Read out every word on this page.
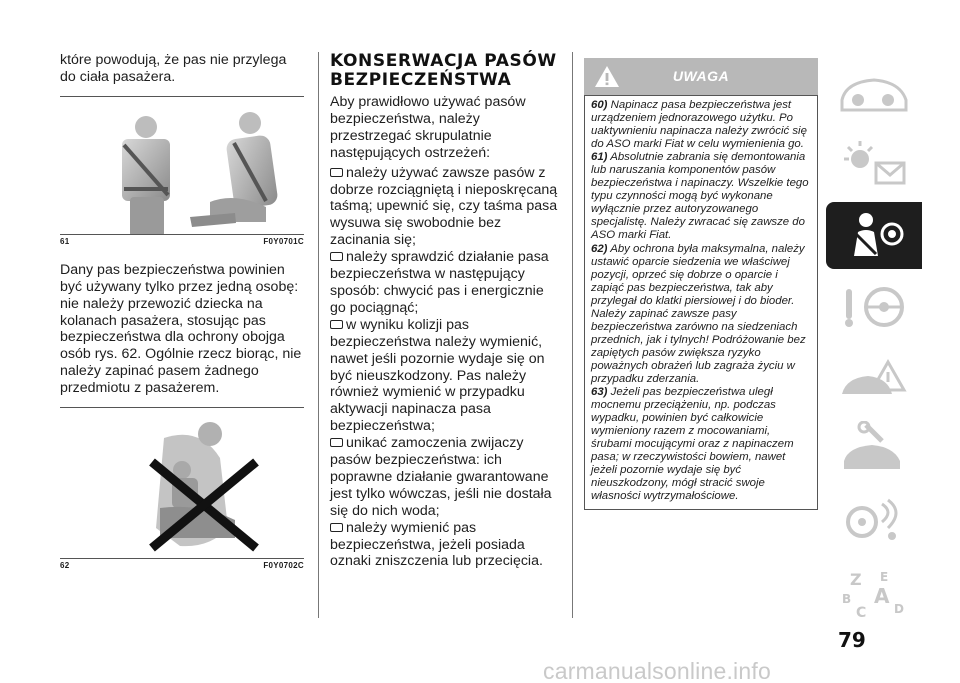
które powodują, że pas nie przylega do ciała pasażera.

61	F0Y0701C

Dany pas bezpieczeństwa powinien być używany tylko przez jedną osobę: nie należy przewozić dziecka na kolanach pasażera, stosując pas bezpieczeństwa dla ochrony obojga osób rys. 62. Ogólnie rzecz biorąc, nie należy zapinać pasem żadnego przedmiotu z pasażerem.

62	F0Y0702C
KONSERWACJA PASÓW
BEZPIECZEŃSTWA

Aby prawidłowo używać pasów bezpieczeństwa, należy przestrzegać skrupulatnie następujących ostrzeżeń:

należy używać zawsze pasów z dobrze rozciągniętą i nieposkręcaną taśmą; upewnić się, czy taśma pasa wysuwa się swobodnie bez zacinania się;

należy sprawdzić działanie pasa bezpieczeństwa w następujący sposób: chwycić pas i energicznie go pociągnąć;

w wyniku kolizji pas bezpieczeństwa należy wymienić, nawet jeśli pozornie wydaje się on być nieuszkodzony. Pas należy również wymienić w przypadku aktywacji napinacza pasa bezpieczeństwa;

unikać zamoczenia zwijaczy pasów bezpieczeństwa: ich poprawne działanie gwarantowane jest tylko wówczas, jeśli nie dostała się do nich woda;

należy wymienić pas bezpieczeństwa, jeżeli posiada oznaki zniszczenia lub przecięcia.

UWAGA

60) Napinacz pasa bezpieczeństwa jest urządzeniem jednorazowego użytku. Po uaktywnieniu napinacza należy zwrócić się do ASO marki Fiat w celu wymienienia go.

61) Absolutnie zabrania się demontowania lub naruszania komponentów pasów bezpieczeństwa i napinaczy. Wszelkie tego typu czynności mogą być wykonane wyłącznie przez autoryzowanego specjalistę. Należy zwracać się zawsze do ASO marki Fiat.

62) Aby ochrona była maksymalna, należy ustawić oparcie siedzenia we właściwej pozycji, oprzeć się dobrze o oparcie i zapiąć pas bezpieczeństwa, tak aby przylegał do klatki piersiowej i do bioder. Należy zapinać zawsze pasy bezpieczeństwa zarówno na siedzeniach przednich, jak i tylnych! Podróżowanie bez zapiętych pasów zwiększa ryzyko poważnych obrażeń lub zagraża życiu w przypadku zderzania.

63) Jeżeli pas bezpieczeństwa uległ mocnemu przeciążeniu, np. podczas wypadku, powinien być całkowicie wymieniony razem z mocowaniami, śrubami mocującymi oraz z napinaczem pasa; w rzeczywistości bowiem, nawet jeżeli pozornie wydaje się być nieuszkodzony, mógł stracić swoje własności wytrzymałościowe.

Z E
B A
C D
79
carmanualsonline.info
